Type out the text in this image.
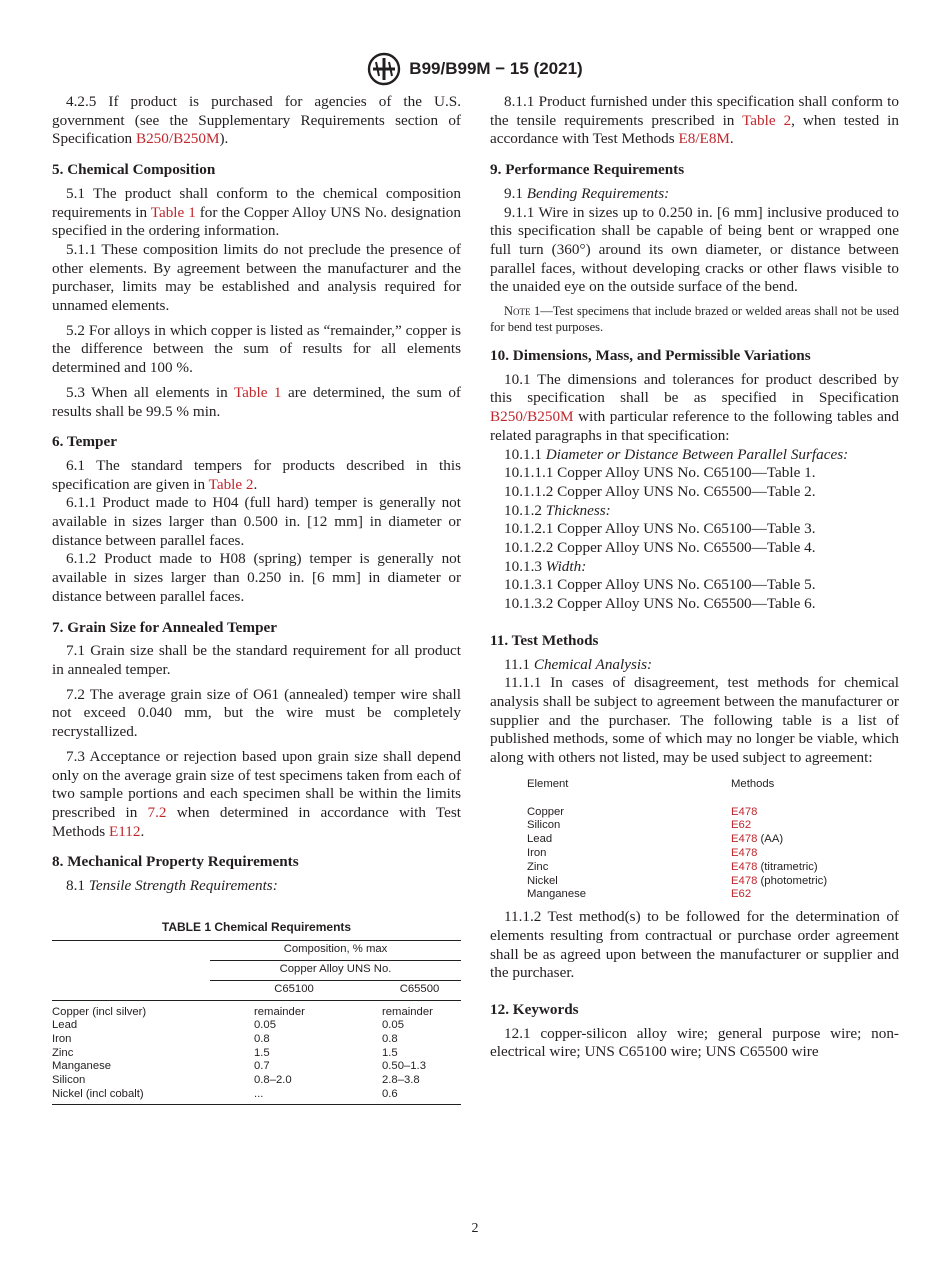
B99/B99M − 15 (2021)

4.2.5 If product is purchased for agencies of the U.S. government (see the Supplementary Requirements section of Specification B250/B250M).

5. Chemical Composition

5.1 The product shall conform to the chemical composition requirements in Table 1 for the Copper Alloy UNS No. designation specified in the ordering information.

5.1.1 These composition limits do not preclude the presence of other elements. By agreement between the manufacturer and the purchaser, limits may be established and analysis required for unnamed elements.

5.2 For alloys in which copper is listed as “remainder,” copper is the difference between the sum of results for all elements determined and 100 %.

5.3 When all elements in Table 1 are determined, the sum of results shall be 99.5 % min.

6. Temper

6.1 The standard tempers for products described in this specification are given in Table 2.

6.1.1 Product made to H04 (full hard) temper is generally not available in sizes larger than 0.500 in. [12 mm] in diameter or distance between parallel faces.

6.1.2 Product made to H08 (spring) temper is generally not available in sizes larger than 0.250 in. [6 mm] in diameter or distance between parallel faces.

7. Grain Size for Annealed Temper

7.1 Grain size shall be the standard requirement for all product in annealed temper.

7.2 The average grain size of O61 (annealed) temper wire shall not exceed 0.040 mm, but the wire must be completely recrystallized.

7.3 Acceptance or rejection based upon grain size shall depend only on the average grain size of test specimens taken from each of two sample portions and each specimen shall be within the limits prescribed in 7.2 when determined in accordance with Test Methods E112.

8. Mechanical Property Requirements

8.1 Tensile Strength Requirements:

TABLE 1 Chemical Requirements
	Composition, % max	
	Copper Alloy UNS No.	
	C65100	C65500
Copper (incl silver)	remainder	remainder
Lead	0.05	0.05
Iron	0.8	0.8
Zinc	1.5	1.5
Manganese	0.7	0.50–1.3
Silicon	0.8–2.0	2.8–3.8
Nickel (incl cobalt)	...	0.6

8.1.1 Product furnished under this specification shall conform to the tensile requirements prescribed in Table 2, when tested in accordance with Test Methods E8/E8M.

9. Performance Requirements

9.1 Bending Requirements:

9.1.1 Wire in sizes up to 0.250 in. [6 mm] inclusive produced to this specification shall be capable of being bent or wrapped one full turn (360°) around its own diameter, or distance between parallel faces, without developing cracks or other flaws visible to the unaided eye on the outside surface of the bend.

Note 1—Test specimens that include brazed or welded areas shall not be used for bend test purposes.

10. Dimensions, Mass, and Permissible Variations

10.1 The dimensions and tolerances for product described by this specification shall be as specified in Specification B250/B250M with particular reference to the following tables and related paragraphs in that specification:

10.1.1 Diameter or Distance Between Parallel Surfaces:

10.1.1.1 Copper Alloy UNS No. C65100—Table 1.

10.1.1.2 Copper Alloy UNS No. C65500—Table 2.

10.1.2 Thickness:

10.1.2.1 Copper Alloy UNS No. C65100—Table 3.

10.1.2.2 Copper Alloy UNS No. C65500—Table 4.

10.1.3 Width:

10.1.3.1 Copper Alloy UNS No. C65100—Table 5.

10.1.3.2 Copper Alloy UNS No. C65500—Table 6.

11. Test Methods

11.1 Chemical Analysis:

11.1.1 In cases of disagreement, test methods for chemical analysis shall be subject to agreement between the manufacturer or supplier and the purchaser. The following table is a list of published methods, some of which may no longer be viable, which along with others not listed, may be used subject to agreement:

Element	Methods
Copper	E478
Silicon	E62
Lead	E478 (AA)
Iron	E478
Zinc	E478 (titrametric)
Nickel	E478 (photometric)
Manganese	E62

11.1.2 Test method(s) to be followed for the determination of elements resulting from contractual or purchase order agreement shall be as agreed upon between the manufacturer or supplier and the purchaser.

12. Keywords

12.1 copper-silicon alloy wire; general purpose wire; non-electrical wire; UNS C65100 wire; UNS C65500 wire

2
